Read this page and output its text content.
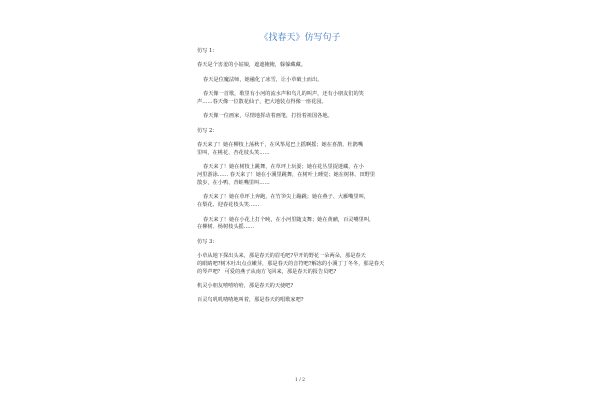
《找春天》仿写句子

仿写 1:

春天是个害羞的小姑娘，遮遮掩掩，躲躲藏藏。

春天是位魔法师，她融化了冰雪，让小草破土而出。

春天像一首歌，歌里有小河的流水声和鸟儿的叫声，还有小朋友们的笑

声……春天像一位散花仙子，把大地装点得像一座花园。

春天像一位画家，尽情地挥动着画笔，打扮着祖国各地。

仿写 2:

春天来了！她在柳枝上荡秋千，在风筝尾巴上摇啊摇；她在喜鹊、杜鹃嘴

里叫，在桃花、杏花枝头笑……

春天来了！她在树枝上跳舞，在草坪上玩耍；她在花丛里捉迷藏，在小

河里游泳…… 春天来了！她在小溪里跳舞，在树叶上睡觉；她在树林、田野里

散步，在小鸭、青蛙嘴里叫……

春天来了！她在草坪上奔跑，在竹笋尖上蹦跳；她在燕子、大雁嘴里叫，

在梨花、迎春花枝头笑……

春天来了！她在小花上打个盹，在小河里随支舞；她在黄鹂，百灵嘴里叫，

在柳树、杨树枝头摇……

仿写 3:

小草从地下探出头来，那是春天的眉毛吧?早开的野花一朵两朵，那是春天

的眼睛吧?树木吐出点点嫩芽，那是春天的音符吧?解冻的小溪丁丁冬冬，那是春天

的琴声吧？ 可爱的燕子从南方飞回来，那是春天的报告员吧?

机灵小朋友嘻嘻哈哈，那是春天的天使吧?

百灵鸟叽叽喳喳地叫着，那是春天的唱歌家吧?

1 / 2
